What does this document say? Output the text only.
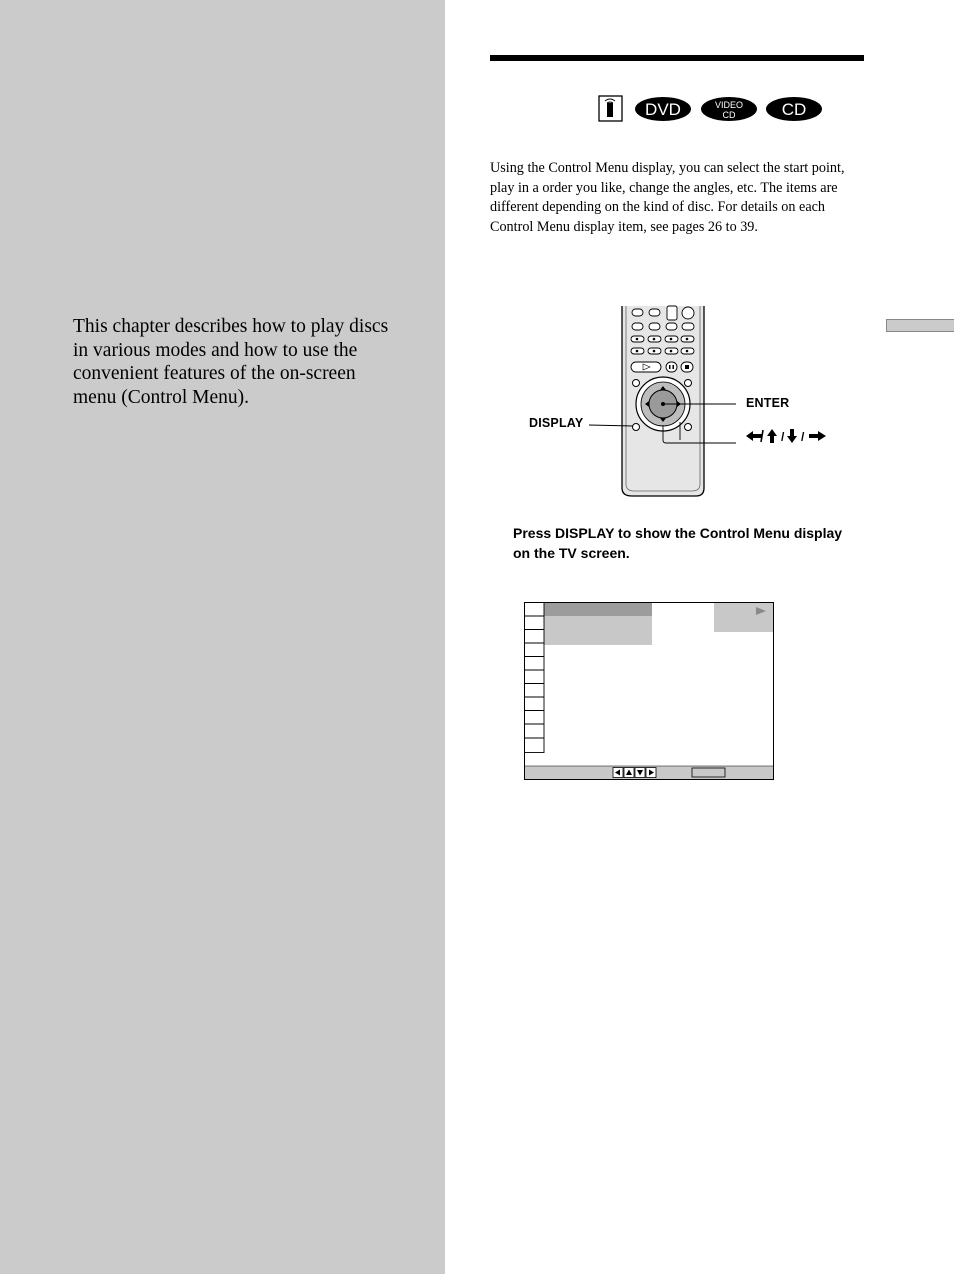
This chapter describes how to play discs in various modes and how to use the convenient features of the on-screen menu (Control Menu).

DVD	VIDEO
CD	CD

Using the Control Menu display, you can select the start point, play in a order you like, change the angles, etc. The items are different depending on the kind of disc. For details on each Control Menu display item, see pages 26 to 39.

DISPLAY
ENTER
/ /

Press DISPLAY to show the Control Menu display on the TV screen.
